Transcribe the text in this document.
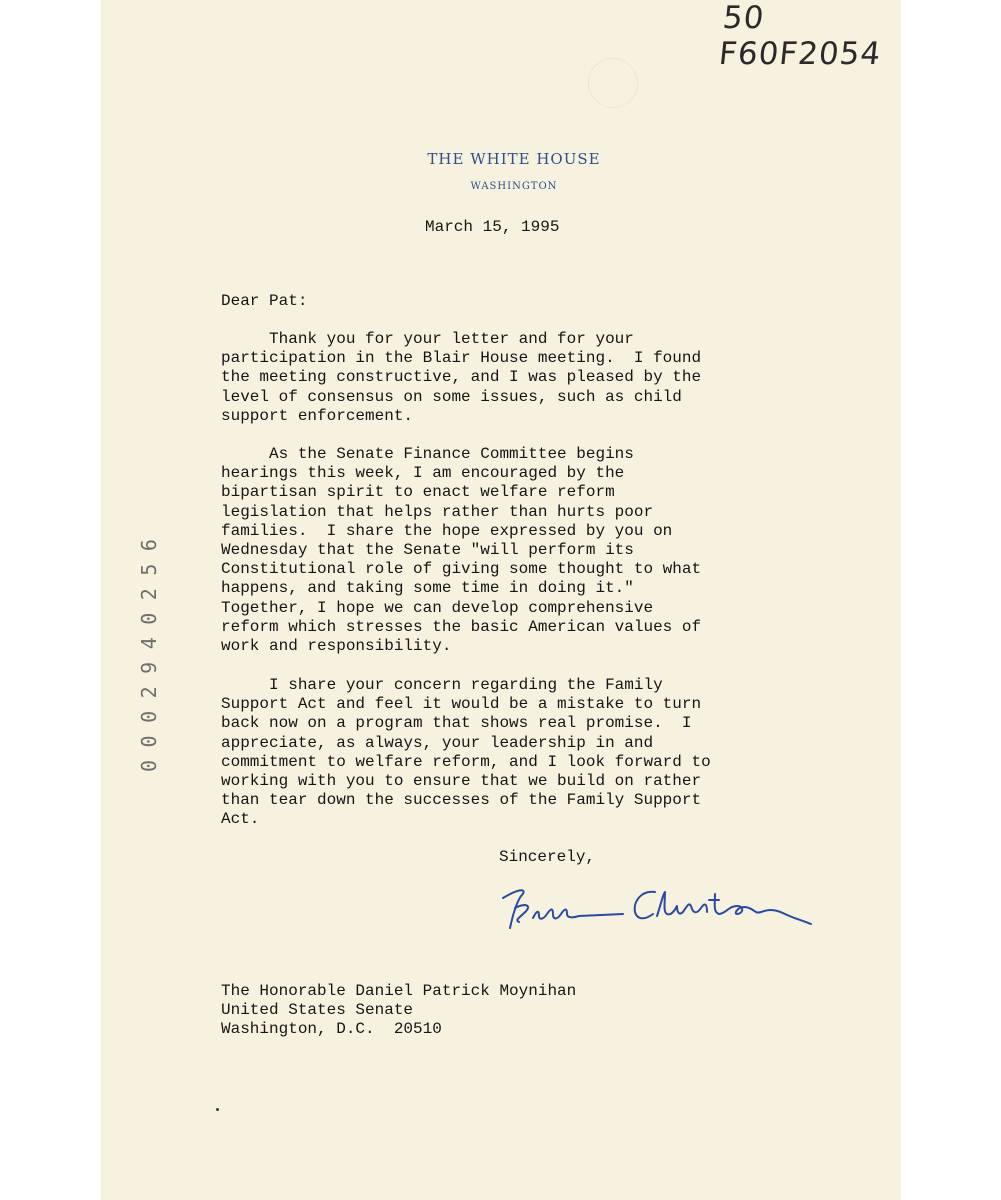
50 F60F2054
THE WHITE HOUSE
WASHINGTON

March 15, 1995

Dear Pat:

Thank you for your letter and for your
participation in the Blair House meeting.  I found
the meeting constructive, and I was pleased by the
level of consensus on some issues, such as child
support enforcement.

As the Senate Finance Committee begins
hearings this week, I am encouraged by the
bipartisan spirit to enact welfare reform
legislation that helps rather than hurts poor
families.  I share the hope expressed by you on
Wednesday that the Senate "will perform its
Constitutional role of giving some thought to what
happens, and taking some time in doing it."
Together, I hope we can develop comprehensive
reform which stresses the basic American values of
work and responsibility.

I share your concern regarding the Family
Support Act and feel it would be a mistake to turn
back now on a program that shows real promise.  I
appreciate, as always, your leadership in and
commitment to welfare reform, and I look forward to
working with you to ensure that we build on rather
than tear down the successes of the Family Support
Act.

Sincerely,

The Honorable Daniel Patrick Moynihan
United States Senate
Washington, D.C.  20510

0002940256
